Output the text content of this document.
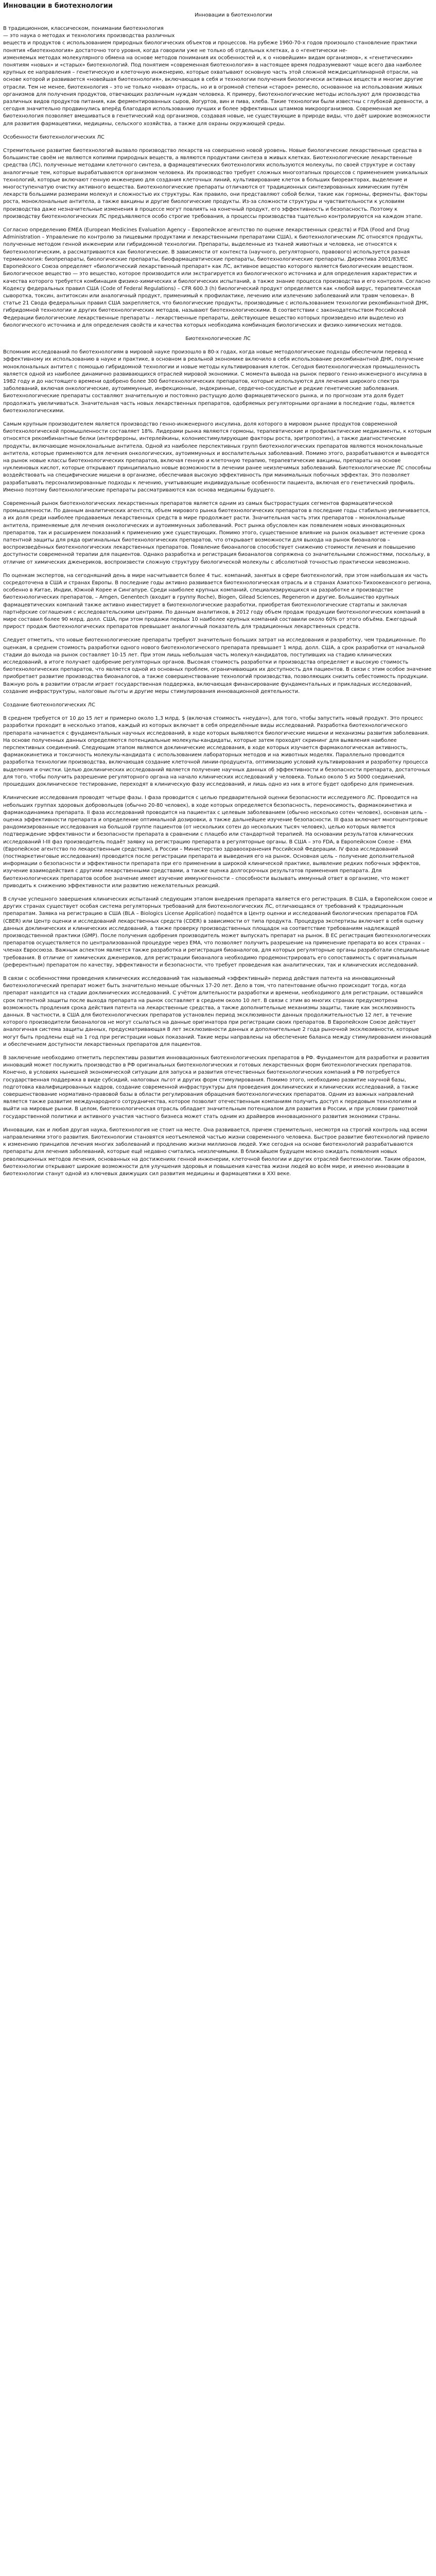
Инновации в биотехнологии

Инновации в биотехнологии

В традиционном, классическом, понимании биотехнология
— это наука о методах и технологиях производства различных
веществ и продуктов с использованием природных биологических объектов и процессов. На рубеже 1960-70-х годов произошло становление практики понятия «биотехнология» достаточно того уровня, когда говорили уже не только об отдельных клетках, а о «генетически не-
изменяемых методах молекулярного обмена на основе методов понимания их особенностей и, к о «новейшим» видам организмов», к «генетическим» понятиям «новых» и «старых» биотехнологий. Под понятием «современная биотехнология» в настоящее время подразумевают чаще всего два наиболее крупных ее направления – генетическую и клеточную инженерию, которые охватывают основную часть этой сложной междисциплинарной отрасли, на основе которой и развивается «новейшая биотехнология», включающая в себя и технологии получения биологически активных веществ и многие другие отрасли. Тем не менее, биотехнология – это не только «новая» отрасль, но и в огромной степени «старое» ремесло, основанное на использовании живых организмов для получения продуктов, отвечающих различным нуждам человека. К примеру, биотехнологические методы используют для производства различных видов продуктов питания, как ферментированных сыров, йогуртов, вин и пива, хлеба. Такие технологии были известны с глубокой древности, а сегодня значительно продвинулись вперёд благодаря использованию лучших и более эффективных штаммов микроорганизмов. Современная же биотехнология позволяет вмешиваться в генетический код организмов, создавая новые, не существующие в природе виды, что даёт широкие возможности для развития фармацевтики, медицины, сельского хозяйства, а также для охраны окружающей среды.

Особенности биотехнологических ЛС

Стремительное развитие биотехнологий вызвало производство лекарств на совершенно новой уровень. Новые биологические лекарственные средства в большинстве своём не являются копиями природных веществ, а являются продуктами синтеза в живых клетках. Биотехнологические лекарственные средства (ЛС), полученные методами клеточного синтеза, в фармацевтических биотехнологиях используются молекулы, по своей структуре и составу аналогичные тем, которые вырабатываются организмом человека. Их производство требует сложных многоэтапных процессов с применением уникальных технологий, которые включают генную инженерию для создания клеточных линий, культивирование клеток в больших биореакторах, выделение и многоступенчатую очистку активного вещества. Биотехнологические препараты отличаются от традиционных синтезированных химическим путём лекарств большими размерами молекул и сложностью их структуры. Как правило, они представляют собой белки, такие как гормоны, ферменты, факторы роста, моноклональные антитела, а также вакцины и другие биологические продукты. Из-за сложности структуры и чувствительности к условиям производства даже незначительные изменения в процессе могут повлиять на конечный продукт, его эффективность и безопасность. Поэтому к производству биотехнологических ЛС предъявляются особо строгие требования, а процессы производства тщательно контролируются на каждом этапе.

Согласно определению EMEA (European Medicines Evaluation Agency – Европейское агентство по оценке лекарственных средств) и FDA (Food and Drug Administration – Управление по контролю за пищевыми продуктами и лекарственными препаратами США), к биотехнологическим ЛС относятся продукты, полученные методом генной инженерии или гибридомной технологии. Препараты, выделенные из тканей животных и человека, не относятся к биотехнологическим, а рассматриваются как биологические. В зависимости от контекста (научного, регуляторного, правового) используется разная терминология: биопрепараты, биологические препараты, биофармацевтические препараты, биотехнологические препараты. Директива 2001/83/ЕС Европейского Союза определяет «биологический лекарственный препарат» как ЛС, активное вещество которого является биологическим веществом. Биологическое вещество — это вещество, которое производится или экстрагируется из биологического источника и для определения характеристик и качества которого требуется комбинация физико-химических и биологических испытаний, а также знание процесса производства и его контроля. Согласно Кодексу федеральных правил США (Code of Federal Regulations) – CFR 600.3 (h) биологический продукт определяется как «любой вирус, терапевтическая сыворотка, токсин, антитоксин или аналогичный продукт, применимый к профилактике, лечению или излечению заболеваний или травм человека». В статье 21 Свода федеральных правил США закрепляется, что биологические продукты, производимые с использованием технологии рекомбинантной ДНК, гибридомной технологии и других биотехнологических методов, называют биотехнологическими. В соответствии с законодательством Российской Федерации биологические лекарственные препараты – лекарственные препараты, действующее вещество которых произведено или выделено из биологического источника и для определения свойств и качества которых необходима комбинация биологических и физико-химических методов.

Биотехнологические ЛС

Вспомним исследований по биотехнологиям в мировой науке произошло в 80-х годах, когда новые методологические подходы обеспечили перевод к эффективному их использованию в науке и практике, в основном в реальной экономике включило в себя использование рекомбинантной ДНК, получение моноклональных антител с помощью гибридомной технологии и новые методы культивирования клеток. Сегодня биотехнологическая промышленность является одной из наиболее динамично развивающихся отраслей мировой экономики. С момента вывода на рынок первого генно-инженерного инсулина в 1982 году и до настоящего времени одобрено более 300 биотехнологических препаратов, которые используются для лечения широкого спектра заболеваний, включая онкологические, аутоиммунные, инфекционные, эндокринные, сердечно-сосудистые и редкие генетические заболевания. Биотехнологические препараты составляют значительную и постоянно растущую долю фармацевтического рынка, и по прогнозам эта доля будет продолжать увеличиваться. Значительная часть новых лекарственных препаратов, одобряемых регуляторными органами в последние годы, является биотехнологическими.

Самым крупным производителем является производство генно-инженерного инсулина, доля которого в мировом рынке продуктов современной биотехнологической промышленности составляет 18%. Лидерами рынка являются гормоны, терапевтические и профилактические медикаменты, к которым относятся рекомбинантные белки (интерфероны, интерлейкины, колониестимулирующие факторы роста, эритропоэтин), а также диагностические продукты, включающие моноклональные антитела. Одной из наиболее перспективных групп биотехнологических препаратов являются моноклональные антитела, которые применяются для лечения онкологических, аутоиммунных и воспалительных заболеваний. Помимо этого, разрабатываются и выводятся на рынок новые классы биотехнологических препаратов, включая генную и клеточную терапию, терапевтические вакцины, препараты на основе нуклеиновых кислот, которые открывают принципиально новые возможности в лечении ранее неизлечимых заболеваний. Биотехнологические ЛС способны воздействовать на специфические мишени в организме, обеспечивая высокую эффективность при минимальных побочных эффектах. Это позволяет разрабатывать персонализированные подходы к лечению, учитывающие индивидуальные особенности пациента, включая его генетический профиль. Именно поэтому биотехнологические препараты рассматриваются как основа медицины будущего.

Современный рынок биотехнологических лекарственных препаратов является одним из самых быстрорастущих сегментов фармацевтической промышленности. По данным аналитических агентств, объем мирового рынка биотехнологических препаратов в последние годы стабильно увеличивается, а их доля среди наиболее продаваемых лекарственных средств в мире продолжает расти. Значительная часть этих препаратов – моноклональные антитела, применяемые для лечения онкологических и аутоиммунных заболеваний. Рост рынка обусловлен как появлением новых инновационных препаратов, так и расширением показаний к применению уже существующих. Помимо этого, существенное влияние на рынок оказывает истечение срока патентной защиты для ряда оригинальных биотехнологических препаратов, что открывает возможности для выхода на рынок биоаналогов – воспроизведённых биотехнологических лекарственных препаратов. Появление биоаналогов способствует снижению стоимости лечения и повышению доступности современной терапии для пациентов. Однако разработка и регистрация биоаналогов сопряжена со значительными сложностями, поскольку, в отличие от химических дженериков, воспроизвести сложную структуру биологической молекулы с абсолютной точностью практически невозможно.

По оценкам экспертов, на сегодняшний день в мире насчитывается более 4 тыс. компаний, занятых в сфере биотехнологий, при этом наибольшая их часть сосредоточена в США и странах Европы. В последние годы активно развивается биотехнологическая отрасль и в странах Азиатско-Тихоокеанского региона, особенно в Китае, Индии, Южной Корее и Сингапуре. Среди наиболее крупных компаний, специализирующихся на разработке и производстве биотехнологических препаратов, – Amgen, Genentech (входит в группу Roche), Biogen, Gilead Sciences, Regeneron и другие. Большинство крупных фармацевтических компаний также активно инвестирует в биотехнологические разработки, приобретая биотехнологические стартапы и заключая партнёрские соглашения с исследовательскими центрами. По данным аналитиков, в 2012 году объем продаж продукции биотехнологических компаний в мире составил более 90 млрд. долл. США, при этом продажи первых 10 наиболее крупных компаний составили около 60% от этого объёма. Ежегодный прирост продаж биотехнологических препаратов превышает аналогичный показатель для традиционных лекарственных средств.

Следует отметить, что новые биотехнологические препараты требуют значительно больших затрат на исследования и разработку, чем традиционные. По оценкам, в среднем стоимость разработки одного нового биотехнологического препарата превышает 1 млрд. долл. США, а срок разработки от начальной стадии до выхода на рынок составляет 10-15 лет. При этом лишь небольшая часть молекул-кандидатов, поступивших на стадию клинических исследований, в итоге получает одобрение регуляторных органов. Высокая стоимость разработки и производства определяет и высокую стоимость биотехнологических препаратов, что является одной из основных проблем, ограничивающих их доступность для пациентов. В связи с этим особое значение приобретает развитие производства биоаналогов, а также совершенствование технологий производства, позволяющих снизить себестоимость продукции. Важную роль в развитии отрасли играет государственная поддержка, включающая финансирование фундаментальных и прикладных исследований, создание инфраструктуры, налоговые льготы и другие меры стимулирования инновационной деятельности.

Создание биотехнологических ЛС

В среднем требуется от 10 до 15 лет и примерно около 1,3 млрд. $ (включая стоимость «неудач»), для того, чтобы запустить новый продукт. Это процесс разработки проходит в несколько этапов, каждый из которых включает в себя определённые виды исследований. Разработка биотехнологического препарата начинается с фундаментальных научных исследований, в ходе которых выявляются биологические мишени и механизмы развития заболевания. На основе полученных данных определяются потенциальные молекулы-кандидаты, которые затем проходят скрининг для выявления наиболее перспективных соединений. Следующим этапом являются доклинические исследования, в ходе которых изучается фармакологическая активность, фармакокинетика и токсичность молекулы-кандидата с использованием лабораторных методов и на животных моделях. Параллельно проводится разработка технологии производства, включающая создание клеточной линии-продуцента, оптимизацию условий культивирования и разработку процесса выделения и очистки. Целью доклинических исследований является получение научных данных об эффективности и безопасности препарата, достаточных для того, чтобы получить разрешение регуляторного органа на начало клинических исследований у человека. Только около 5 из 5000 соединений, прошедших доклиническое тестирование, переходят в клиническую фазу исследований, и лишь одно из них в итоге будет одобрено для применения.

Клинические исследования проводят четыре фазы. I фаза проводится с целью предварительной оценки безопасности исследуемого ЛС. Проводится на небольших группах здоровых добровольцев (обычно 20-80 человек), в ходе которых определяется безопасность, переносимость, фармакокинетика и фармакодинамика препарата. II фаза исследований проводится на пациентах с целевым заболеванием (обычно несколько сотен человек), основная цель – оценка эффективности препарата и определение оптимальной дозировки, а также дальнейшее изучение безопасности. III фаза включает многоцентровые рандомизированные исследования на большой группе пациентов (от нескольких сотен до нескольких тысяч человек), целью которых является подтверждение эффективности и безопасности препарата в сравнении с плацебо или стандартной терапией. На основании результатов клинических исследований I-III фаз производитель подаёт заявку на регистрацию препарата в регуляторные органы. В США – это FDA, в Европейском Союзе – EMA (Европейское агентство по лекарственным средствам), в России – Министерство здравоохранения Российской Федерации. IV фаза исследований (постмаркетинговые исследования) проводится после регистрации препарата и выведения его на рынок. Основная цель – получение дополнительной информации о безопасности и эффективности препарата при его применении в широкой клинической практике, выявление редких побочных эффектов, изучение взаимодействия с другими лекарственными средствами, а также оценка долгосрочных результатов применения препарата. Для биотехнологических препаратов особое значение имеет изучение иммуногенности – способности вызывать иммунный ответ в организме, что может приводить к снижению эффективности или развитию нежелательных реакций.

В случае успешного завершения клинических испытаний следующим этапом внедрения препарата является его регистрация. В США, в Европейском союзе и других странах существует особая система регуляторных требований для биотехнологических ЛС, отличающаяся от требований к традиционным препаратам. Заявка на регистрацию в США (BLA – Biologics License Application) подаётся в Центр оценки и исследований биологических препаратов FDA (CBER) или Центр оценки и исследований лекарственных средств (CDER) в зависимости от типа продукта. Процедура экспертизы включает в себя оценку данных доклинических и клинических исследований, а также проверку производственных площадок на соответствие требованиям надлежащей производственной практики (GMP). После получения одобрения производитель может выпускать препарат на рынок. В ЕС регистрация биотехнологических препаратов осуществляется по централизованной процедуре через EMA, что позволяет получить разрешение на применение препарата во всех странах – членах Евросоюза. Важным аспектом является также разработка и регистрация биоаналогов, для которых регуляторные органы разработали специальные требования. В отличие от химических дженериков, для регистрации биоаналога необходимо продемонстрировать его сопоставимость с оригинальным (референтным) препаратом по качеству, эффективности и безопасности, что требует проведения как аналитических, так и клинических исследований.

В связи с особенностями проведения клинических исследований так называемый «эффективный» период действия патента на инновационный биотехнологический препарат может быть значительно меньше обычных 17-20 лет. Дело в том, что патентование обычно происходит тогда, когда препарат находится на стадии доклинических исследований. С учётом длительности разработки и времени, необходимого для регистрации, оставшийся срок патентной защиты после выхода препарата на рынок составляет в среднем около 10 лет. В связи с этим во многих странах предусмотрена возможность продления срока действия патента на лекарственные средства, а также дополнительные механизмы защиты, такие как эксклюзивность данных. В частности, в США для биотехнологических препаратов установлен период эксклюзивности данных продолжительностью 12 лет, в течение которого производители биоаналогов не могут ссылаться на данные оригинатора при регистрации своих препаратов. В Европейском Союзе действует аналогичная система защиты данных, предусматривающая 8 лет эксклюзивности данных и дополнительные 2 года рыночной эксклюзивности, которые могут быть продлены ещё на 1 год при регистрации новых показаний. Такие меры направлены на обеспечение баланса между стимулированием инноваций и обеспечением доступности лекарственных препаратов для пациентов.

В заключение необходимо отметить перспективы развития инновационных биотехнологических препаратов в РФ. Фундаментом для разработки и развития инноваций может послужить производство в РФ оригинальных биотехнологических и готовых лекарственных форм биотехнологических препаратов. Конечно, в условиях нынешней экономической ситуации для запуска и развития отечественных биотехнологических компаний в РФ потребуется государственная поддержка в виде субсидий, налоговых льгот и других форм стимулирования. Помимо этого, необходимо развитие научной базы, подготовка квалифицированных кадров, создание современной инфраструктуры для проведения доклинических и клинических исследований, а также совершенствование нормативно-правовой базы в области регулирования обращения биотехнологических препаратов. Одним из важных направлений является также развитие международного сотрудничества, которое позволит отечественным компаниям получить доступ к передовым технологиям и выйти на мировые рынки. В целом, биотехнологическая отрасль обладает значительным потенциалом для развития в России, и при условии грамотной государственной политики и активного участия частного бизнеса может стать одним из драйверов инновационного развития экономики страны.

Инновации, как и любая другая наука, биотехнология не стоит на месте. Она развивается, причем стремительно, несмотря на строгий контроль над всеми направлениями этого развития. Биотехнологии становятся неотъемлемой частью жизни современного человека. Быстрое развитие биотехнологий привело к изменению принципов лечения многих заболеваний и продлению жизни миллионов людей. Уже сегодня на основе биотехнологий разрабатываются препараты для лечения заболеваний, которые ещё недавно считались неизлечимыми. В ближайшем будущем можно ожидать появления новых революционных методов лечения, основанных на достижениях генной инженерии, клеточной биологии и других отраслей биотехнологии. Таким образом, биотехнологии открывают широкие возможности для улучшения здоровья и повышения качества жизни людей во всём мире, и именно инновации в биотехнологии станут одной из ключевых движущих сил развития медицины и фармацевтики в XXI веке.
